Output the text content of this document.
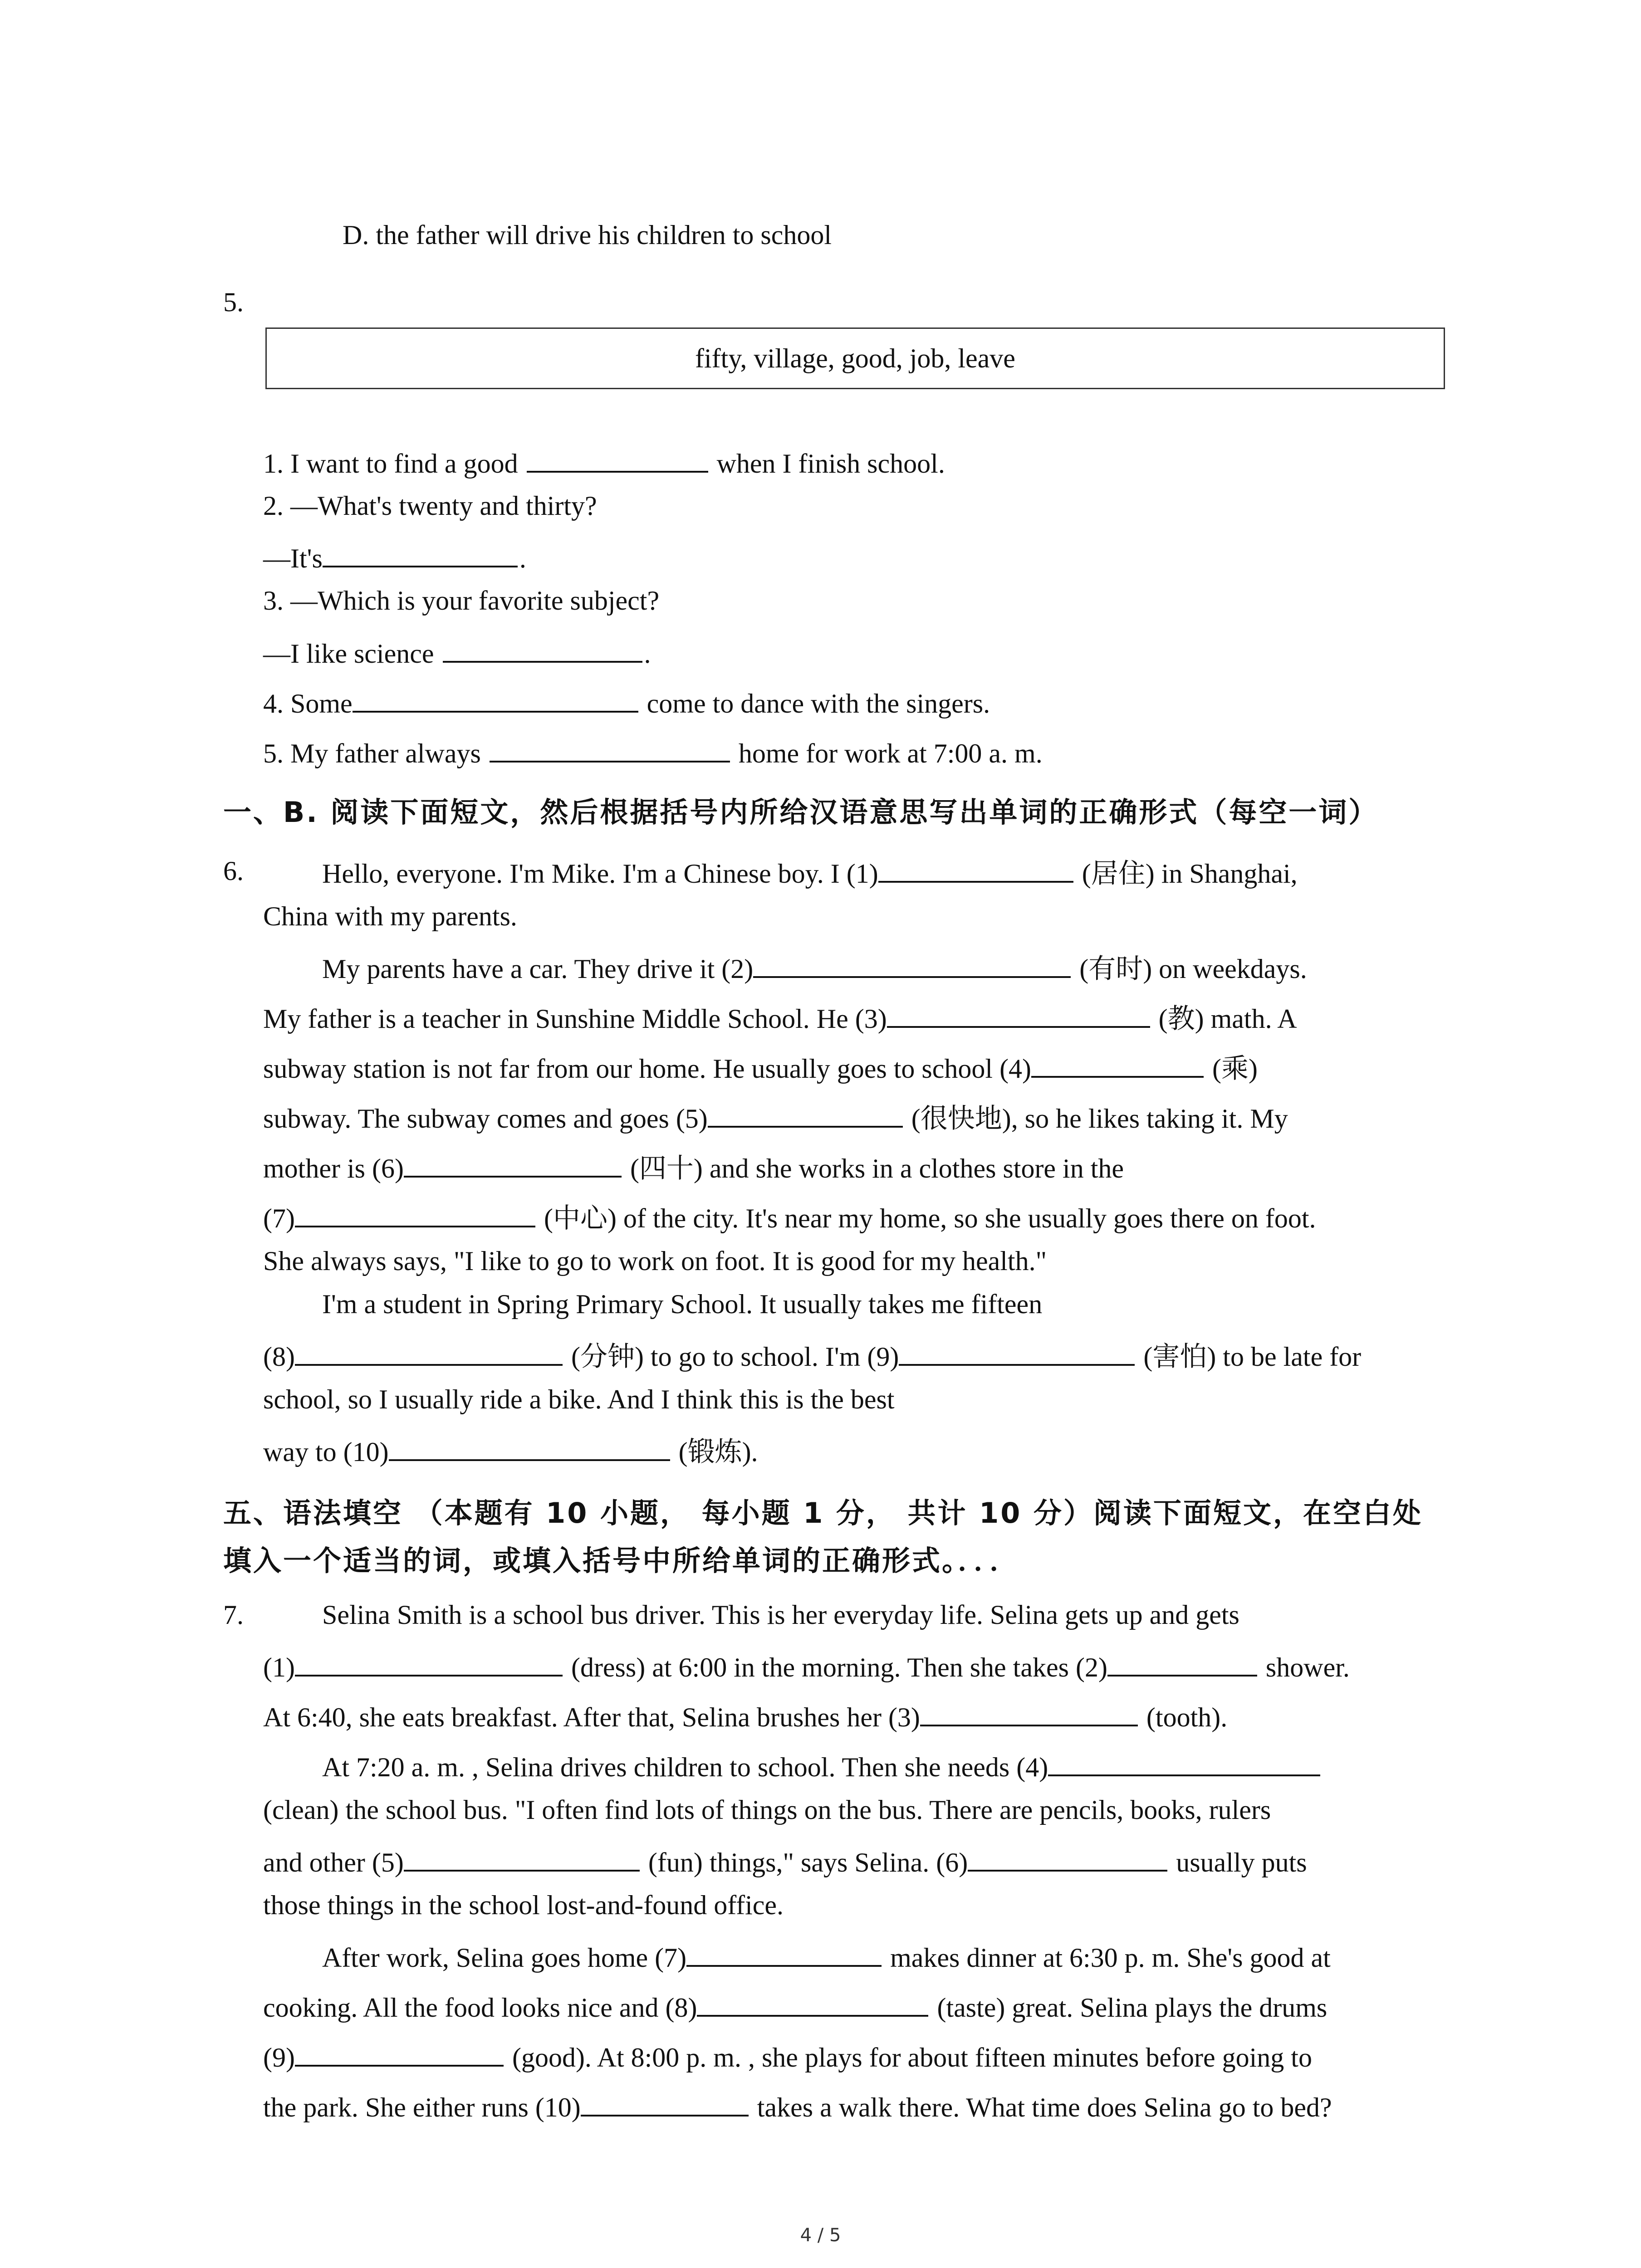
D. the father will drive his children to school
5.
fifty, village, good, job, leave
1. I want to find a good	when I finish school.
2. —What's twenty and thirty?
—It's	.
3. —Which is your favorite subject?
—I like science	.
4. Some	come to dance with the singers.
5. My father always	home for work at 7:00 a. m.
一、B. 阅读下面短文，然后根据括号内所给汉语意思写出单词的正确形式（每空一词）
6.	Hello, everyone. I'm Mike. I'm a Chinese boy. I (1)	(居住) in Shanghai,
China with my parents.
My parents have a car. They drive it (2)	(有时) on weekdays.
My father is a teacher in Sunshine Middle School. He (3)	(教) math. A
subway station is not far from our home. He usually goes to school (4)	(乘)
subway. The subway comes and goes (5)	(很快地), so he likes taking it. My
mother is (6)	(四十) and she works in a clothes store in the
(7)	(中心) of the city. It's near my home, so she usually goes there on foot.
She always says, "I like to go to work on foot. It is good for my health."
I'm a student in Spring Primary School. It usually takes me fifteen
(8)	(分钟) to go to school. I'm (9)	(害怕) to be late for
school, so I usually ride a bike. And I think this is the best
way to (10)	(锻炼).
五、语法填空 （本题有 10 小题， 每小题 1 分， 共计 10 分）阅读下面短文，在空白处
填入一个适当的词，或填入括号中所给单词的正确形式。．．．
7.	Selina Smith is a school bus driver. This is her everyday life. Selina gets up and gets
(1)	(dress) at 6:00 in the morning. Then she takes (2)	shower.
At 6:40, she eats breakfast. After that, Selina brushes her (3)	(tooth).
At 7:20 a. m. , Selina drives children to school. Then she needs (4)
(clean) the school bus. "I often find lots of things on the bus. There are pencils, books, rulers
and other (5)	(fun) things," says Selina. (6)	usually puts
those things in the school lost-and-found office.
After work, Selina goes home (7)	makes dinner at 6:30 p. m. She's good at
cooking. All the food looks nice and (8)	(taste) great. Selina plays the drums
(9)	(good). At 8:00 p. m. , she plays for about fifteen minutes before going to
the park. She either runs (10)	takes a walk there. What time does Selina go to bed?
4 / 5
